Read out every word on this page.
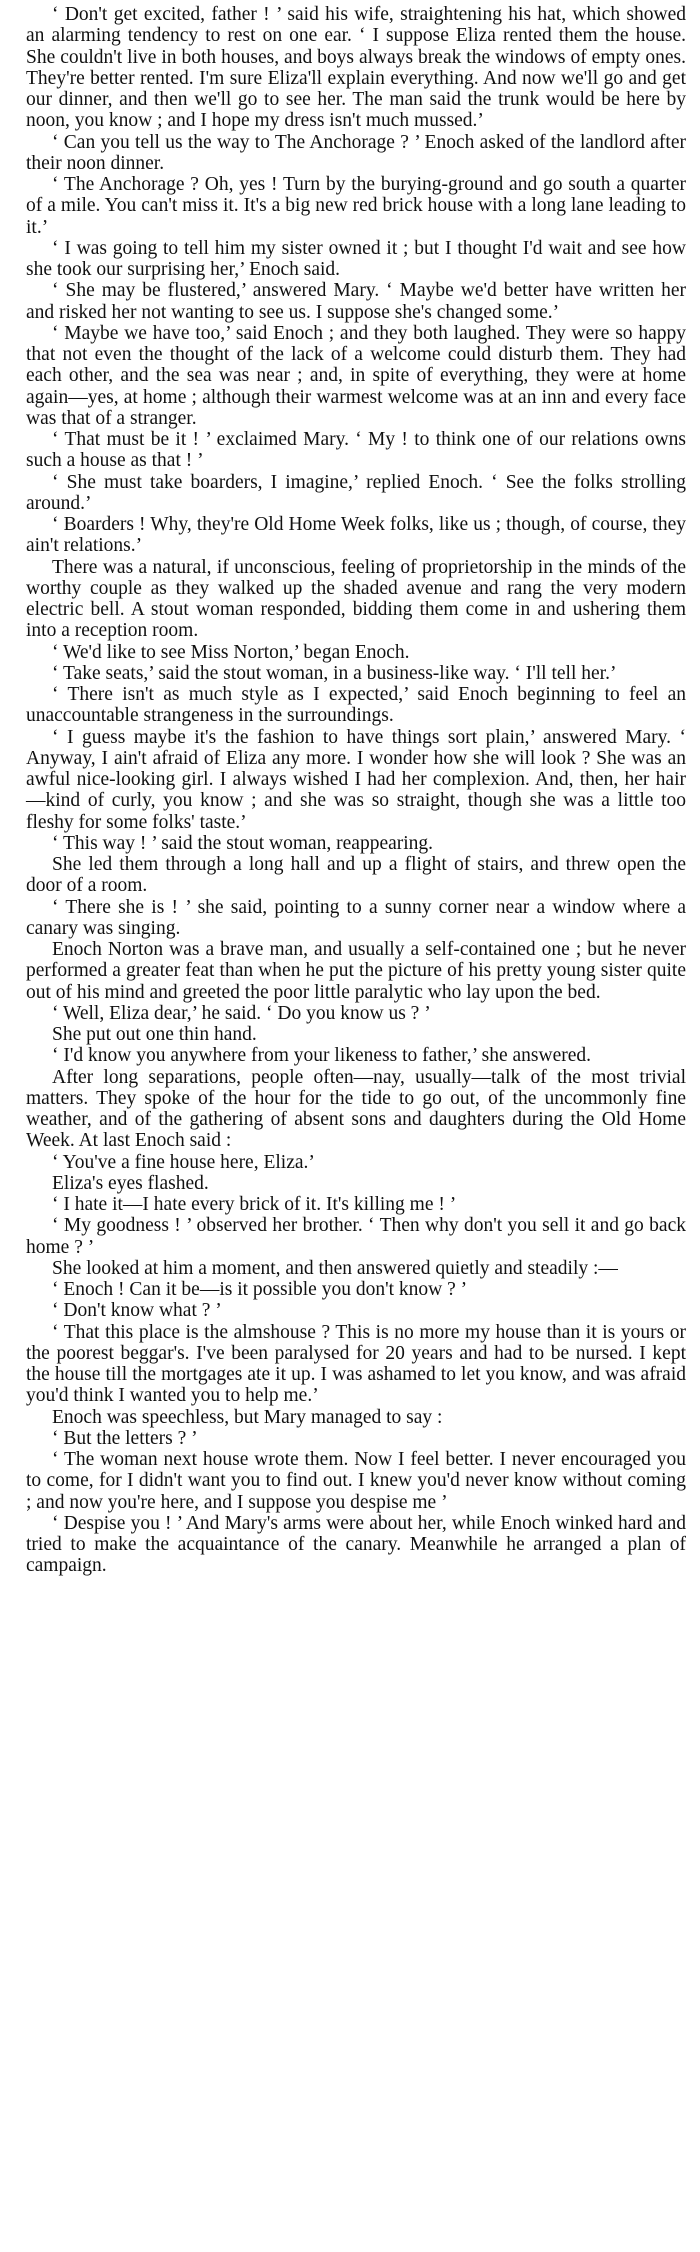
‘ Don't get excited, father ! ’ said his wife, straightening his hat, which showed an alarming tendency to rest on one ear. ‘ I suppose Eliza rented them the house. She couldn't live in both houses, and boys always break the windows of empty ones. They're better rented. I'm sure Eliza'll explain everything. And now we'll go and get our dinner, and then we'll go to see her. The man said the trunk would be here by noon, you know ; and I hope my dress isn't much mussed.’

‘ Can you tell us the way to The Anchorage ? ’ Enoch asked of the landlord after their noon dinner.

‘ The Anchorage ? Oh, yes ! Turn by the burying-ground and go south a quarter of a mile. You can't miss it. It's a big new red brick house with a long lane leading to it.’

‘ I was going to tell him my sister owned it ; but I thought I'd wait and see how she took our surprising her,’ Enoch said.

‘ She may be flustered,’ answered Mary. ‘ Maybe we'd better have written her and risked her not wanting to see us. I suppose she's changed some.’

‘ Maybe we have too,’ said Enoch ; and they both laughed. They were so happy that not even the thought of the lack of a welcome could disturb them. They had each other, and the sea was near ; and, in spite of everything, they were at home again—yes, at home ; although their warmest welcome was at an inn and every face was that of a stranger.

‘ That must be it ! ’ exclaimed Mary. ‘ My ! to think one of our relations owns such a house as that ! ’

‘ She must take boarders, I imagine,’ replied Enoch. ‘ See the folks strolling around.’

‘ Boarders ! Why, they're Old Home Week folks, like us ; though, of course, they ain't relations.’

There was a natural, if unconscious, feeling of proprietorship in the minds of the worthy couple as they walked up the shaded avenue and rang the very modern electric bell. A stout woman responded, bidding them come in and ushering them into a reception room.

‘ We'd like to see Miss Norton,’ began Enoch.

‘ Take seats,’ said the stout woman, in a business-like way. ‘ I'll tell her.’

‘ There isn't as much style as I expected,’ said Enoch beginning to feel an unaccountable strangeness in the surroundings.

‘ I guess maybe it's the fashion to have things sort plain,’ answered Mary. ‘ Anyway, I ain't afraid of Eliza any more. I wonder how she will look ? She was an awful nice-looking girl. I always wished I had her complexion. And, then, her hair—kind of curly, you know ; and she was so straight, though she was a little too fleshy for some folks' taste.’

‘ This way ! ’ said the stout woman, reappearing.

She led them through a long hall and up a flight of stairs, and threw open the door of a room.

‘ There she is ! ’ she said, pointing to a sunny corner near a window where a canary was singing.

Enoch Norton was a brave man, and usually a self-contained one ; but he never performed a greater feat than when he put the picture of his pretty young sister quite out of his mind and greeted the poor little paralytic who lay upon the bed.

‘ Well, Eliza dear,’ he said. ‘ Do you know us ? ’

She put out one thin hand.

‘ I'd know you anywhere from your likeness to father,’ she answered.

After long separations, people often—nay, usually—talk of the most trivial matters. They spoke of the hour for the tide to go out, of the uncommonly fine weather, and of the gathering of absent sons and daughters during the Old Home Week. At last Enoch said :

‘ You've a fine house here, Eliza.’

Eliza's eyes flashed.

‘ I hate it—I hate every brick of it. It's killing me ! ’

‘ My goodness ! ’ observed her brother. ‘ Then why don't you sell it and go back home ? ’

She looked at him a moment, and then answered quietly and steadily :—

‘ Enoch ! Can it be—is it possible you don't know ? ’

‘ Don't know what ? ’

‘ That this place is the almshouse ? This is no more my house than it is yours or the poorest beggar's. I've been paralysed for 20 years and had to be nursed. I kept the house till the mortgages ate it up. I was ashamed to let you know, and was afraid you'd think I wanted you to help me.’

Enoch was speechless, but Mary managed to say :

‘ But the letters ? ’

‘ The woman next house wrote them. Now I feel better. I never encouraged you to come, for I didn't want you to find out. I knew you'd never know without coming ; and now you're here, and I suppose you despise me ’

‘ Despise you ! ’ And Mary's arms were about her, while Enoch winked hard and tried to make the acquaintance of the canary. Meanwhile he arranged a plan of campaign.
